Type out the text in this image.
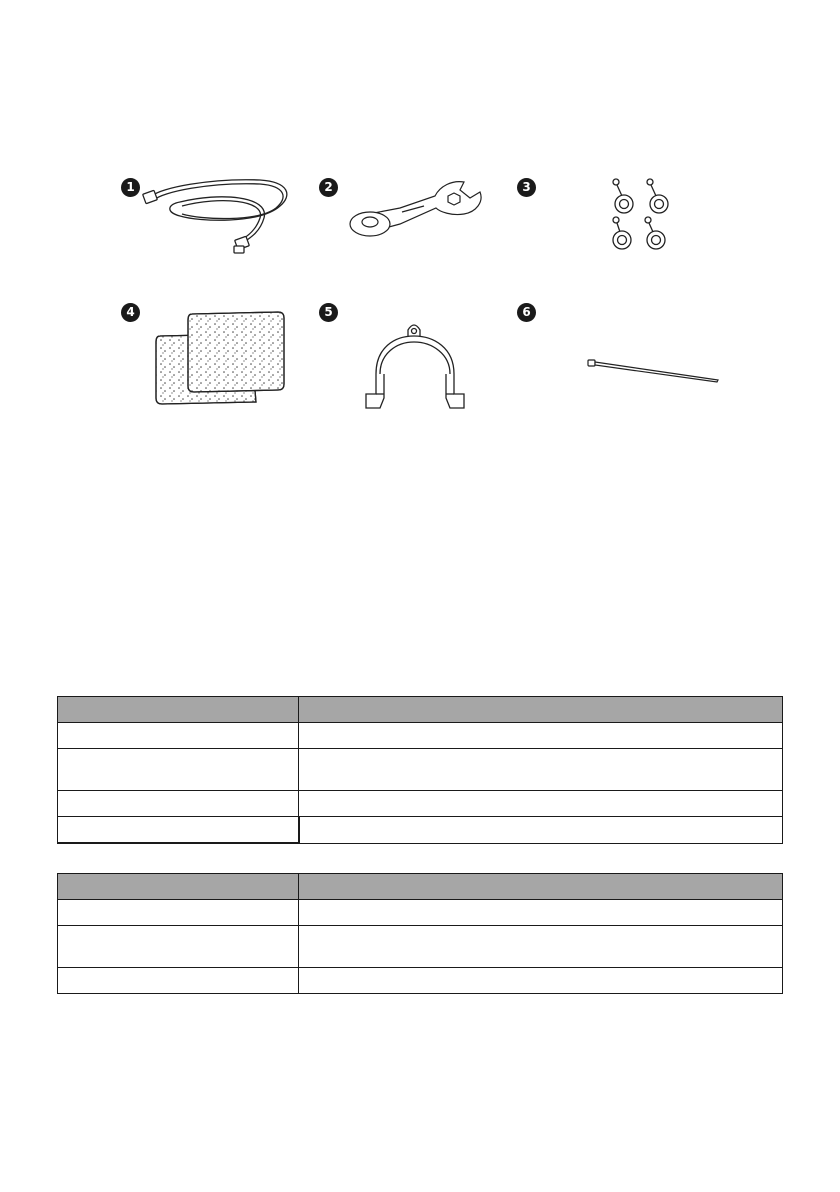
1	2	3
4	5	6
